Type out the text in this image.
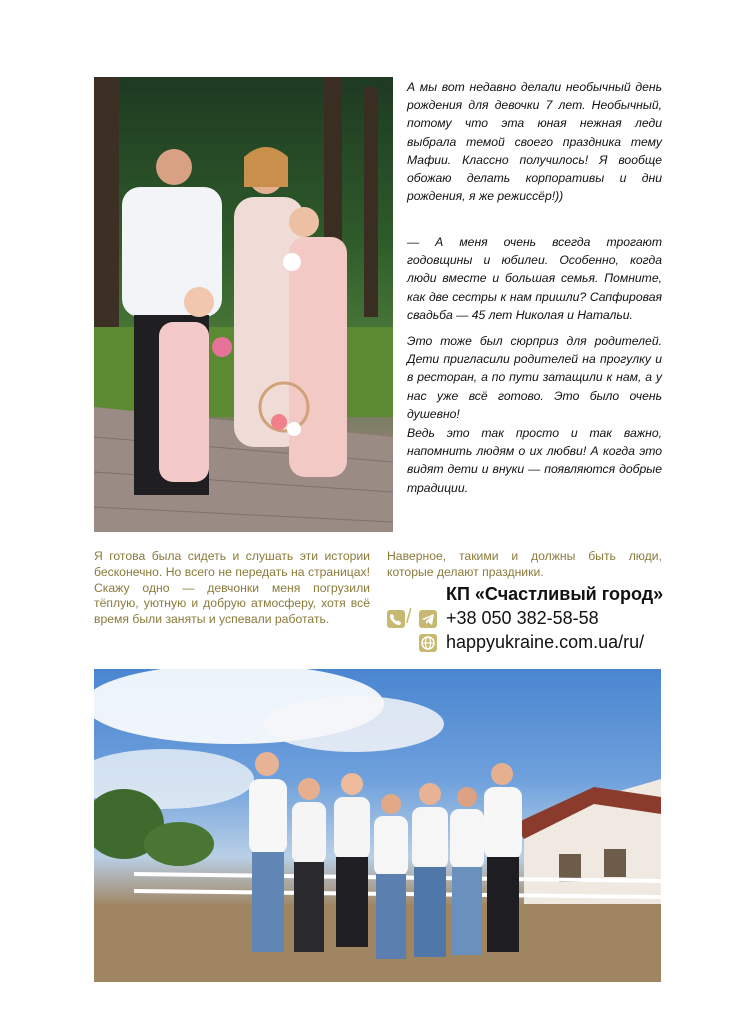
А мы вот недавно делали необычный день рождения для девочки 7 лет. Необычный, потому что эта юная нежная леди выбрала темой своего праздника тему Мафии. Классно получилось! Я вообще обожаю делать корпоративы и дни рождения, я же режиссёр!))

— А меня очень всегда трогают годовщины и юбилеи. Особенно, когда люди вместе и большая семья. Помните, как две сестры к нам пришли? Сапфировая свадьба — 45 лет Николая и Натальи.

Это тоже был сюрприз для родителей. Дети пригласили родителей на прогулку и в ресторан, а по пути затащили к нам, а у нас уже всё готово. Это было очень душевно!

Ведь это так просто и так важно, напомнить людям о их любви! А когда это видят дети и внуки — появляются добрые традиции.

Я готова была сидеть и слушать эти истории бесконечно. Но всего не передать на страницах! Скажу одно — девчонки меня погрузили тёплую, уютную и добрую атмосферу, хотя всё время были заняты и успевали работать.

Наверное, такими и должны быть люди, которые делают праздники.

КП «Счастливый город»
/ +38 050 382-58-58
happyukraine.com.ua/ru/
